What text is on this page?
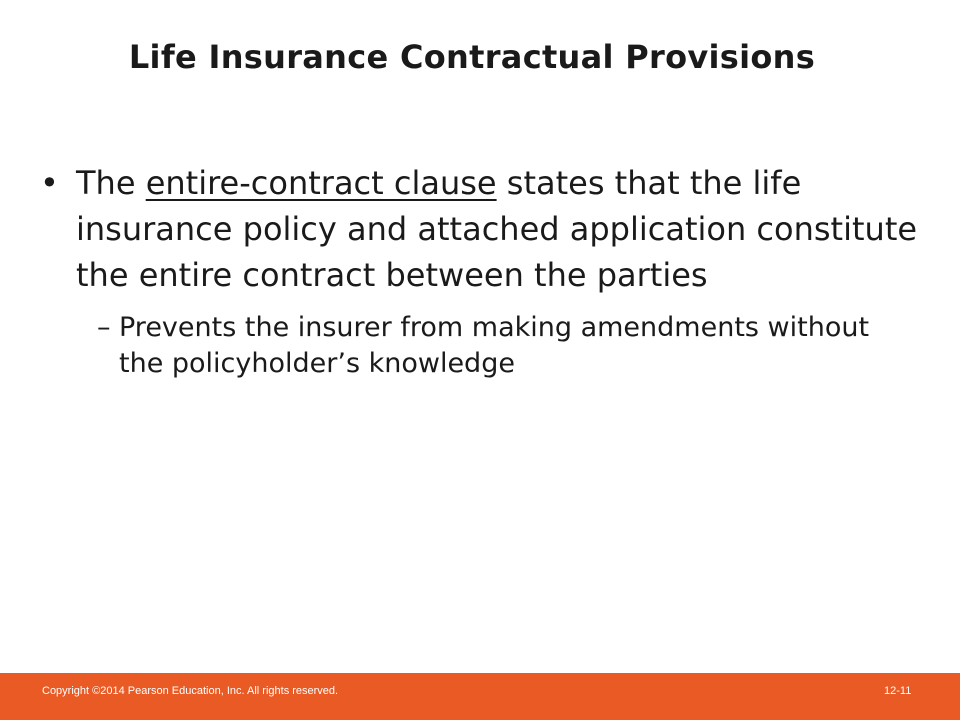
Life Insurance Contractual Provisions
• The entire-contract clause states that the life insurance policy and attached application constitute the entire contract between the parties
– Prevents the insurer from making amendments without the policyholder’s knowledge
Copyright ©2014 Pearson Education, Inc. All rights reserved.	12-11
